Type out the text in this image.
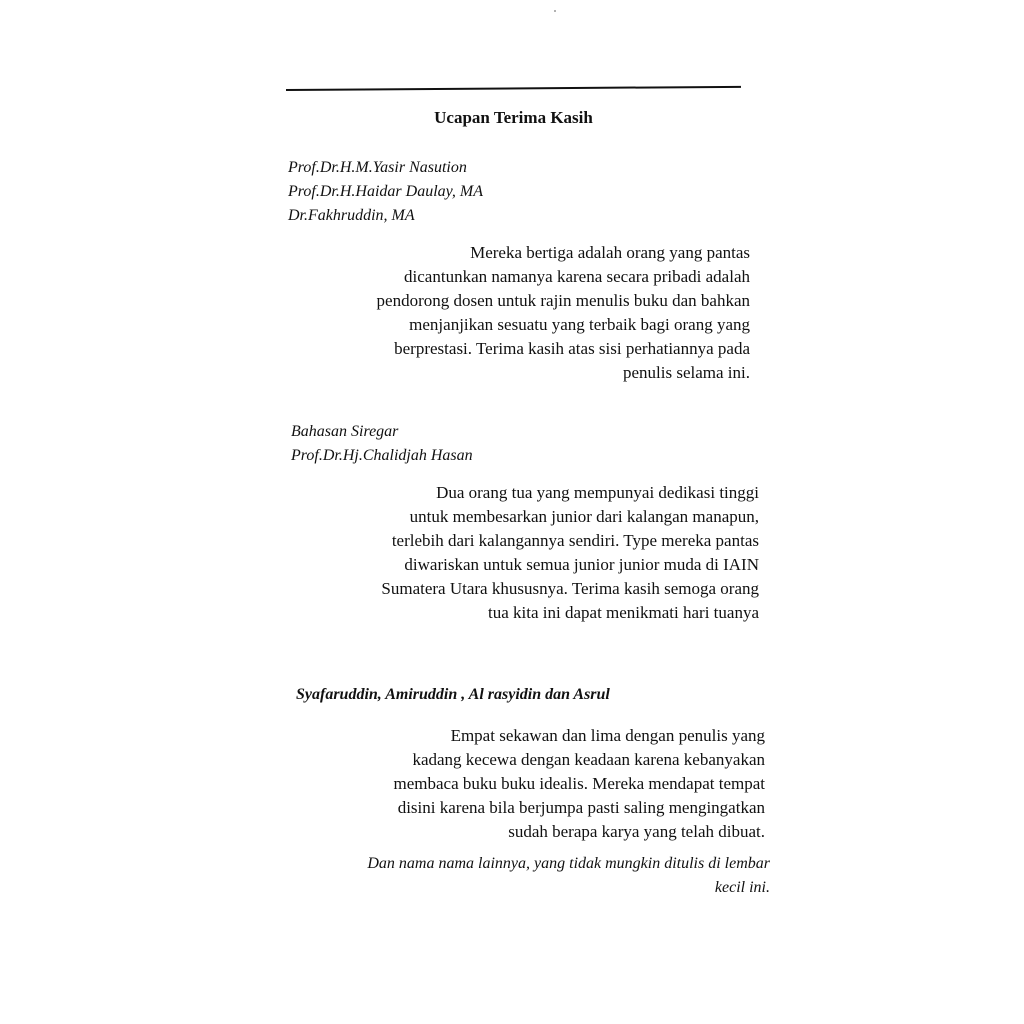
Ucapan Terima Kasih
Prof.Dr.H.M.Yasir Nasution
Prof.Dr.H.Haidar Daulay, MA
Dr.Fakhruddin, MA
Mereka bertiga adalah orang yang pantas
dicantunkan namanya karena secara pribadi adalah
pendorong dosen untuk rajin menulis buku dan bahkan
menjanjikan sesuatu yang terbaik bagi orang yang
berprestasi. Terima kasih atas sisi perhatiannya pada
penulis selama ini.
Bahasan Siregar
Prof.Dr.Hj.Chalidjah Hasan
Dua orang tua yang mempunyai dedikasi tinggi
untuk membesarkan junior dari kalangan manapun,
terlebih dari kalangannya sendiri. Type mereka pantas
diwariskan untuk semua junior junior muda di IAIN
Sumatera Utara khususnya. Terima kasih semoga orang
tua kita ini dapat menikmati hari tuanya
Syafaruddin, Amiruddin , Al rasyidin dan Asrul
Empat sekawan dan lima dengan penulis yang
kadang kecewa dengan keadaan karena kebanyakan
membaca buku buku idealis. Mereka mendapat tempat
disini karena bila berjumpa pasti saling mengingatkan
sudah berapa karya yang telah dibuat.
Dan nama nama lainnya, yang tidak mungkin ditulis di lembar
kecil ini.
